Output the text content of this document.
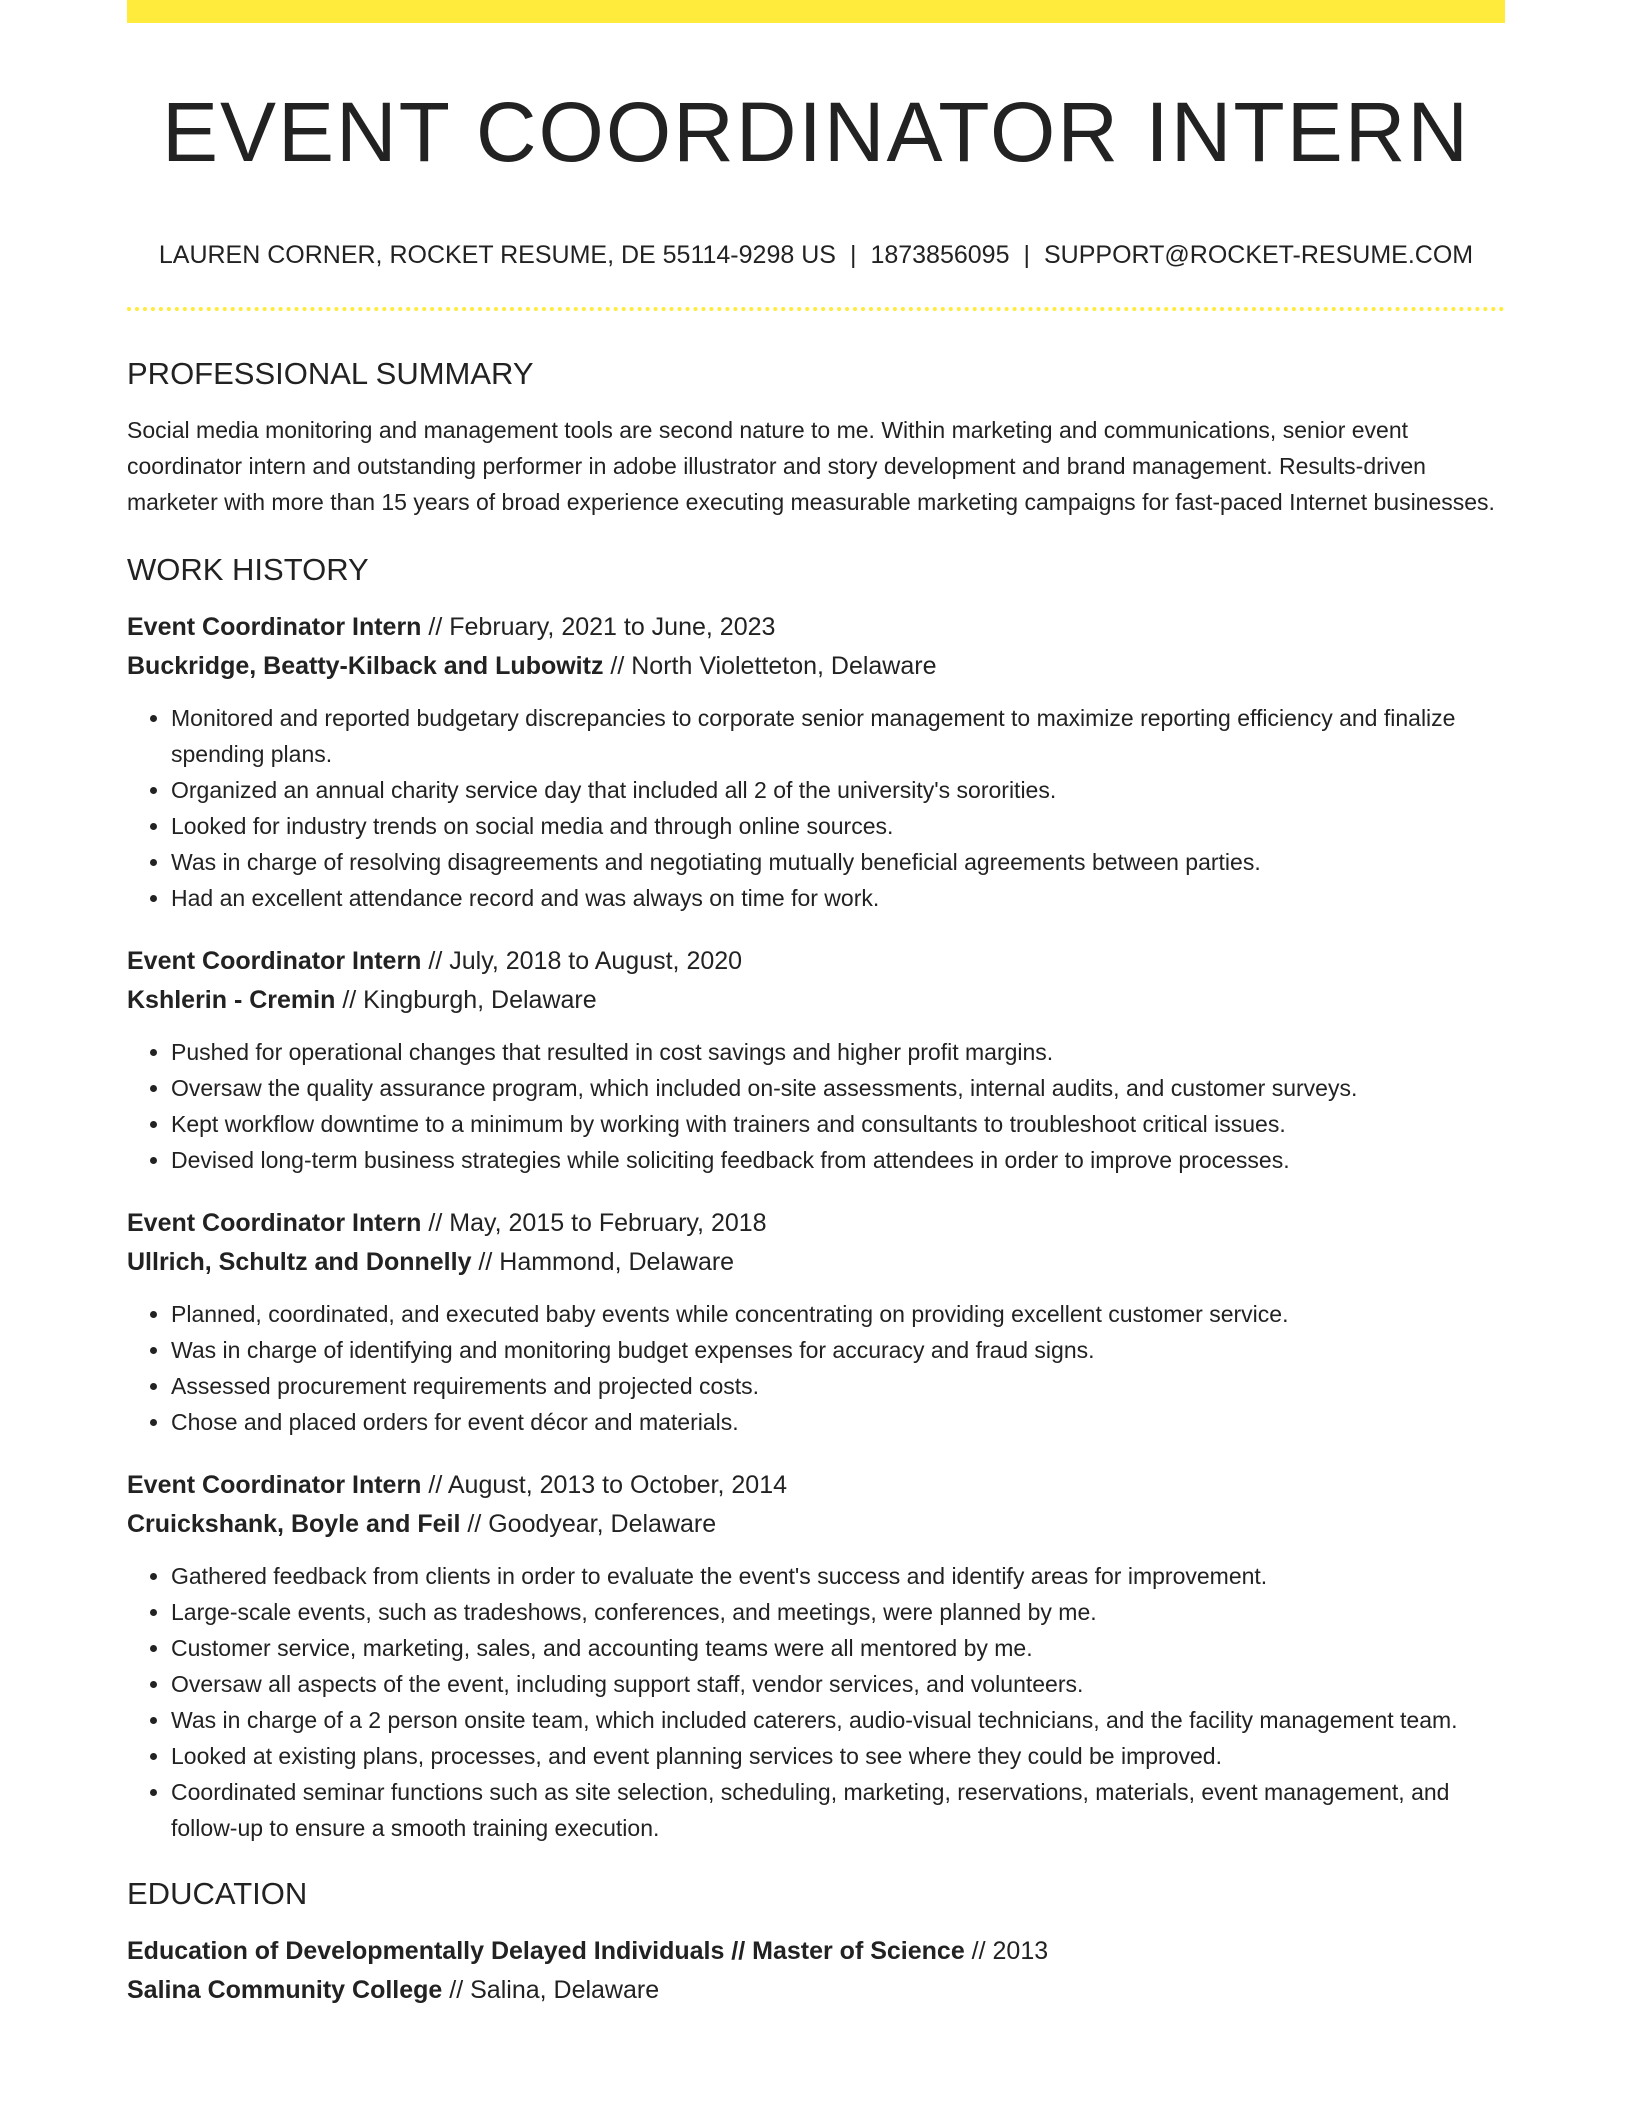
EVENT COORDINATOR INTERN
LAUREN CORNER, ROCKET RESUME, DE 55114-9298 US | 1873856095 | SUPPORT@ROCKET-RESUME.COM
PROFESSIONAL SUMMARY

Social media monitoring and management tools are second nature to me. Within marketing and communications, senior event coordinator intern and outstanding performer in adobe illustrator and story development and brand management. Results-driven marketer with more than 15 years of broad experience executing measurable marketing campaigns for fast-paced Internet businesses.

WORK HISTORY
Event Coordinator Intern // February, 2021 to June, 2023
Buckridge, Beatty-Kilback and Lubowitz // North Violetteton, Delaware
• Monitored and reported budgetary discrepancies to corporate senior management to maximize reporting efficiency and finalize spending plans.
• Organized an annual charity service day that included all 2 of the university's sororities.
• Looked for industry trends on social media and through online sources.
• Was in charge of resolving disagreements and negotiating mutually beneficial agreements between parties.
• Had an excellent attendance record and was always on time for work.
Event Coordinator Intern // July, 2018 to August, 2020
Kshlerin - Cremin // Kingburgh, Delaware
• Pushed for operational changes that resulted in cost savings and higher profit margins.
• Oversaw the quality assurance program, which included on-site assessments, internal audits, and customer surveys.
• Kept workflow downtime to a minimum by working with trainers and consultants to troubleshoot critical issues.
• Devised long-term business strategies while soliciting feedback from attendees in order to improve processes.
Event Coordinator Intern // May, 2015 to February, 2018
Ullrich, Schultz and Donnelly // Hammond, Delaware
• Planned, coordinated, and executed baby events while concentrating on providing excellent customer service.
• Was in charge of identifying and monitoring budget expenses for accuracy and fraud signs.
• Assessed procurement requirements and projected costs.
• Chose and placed orders for event décor and materials.
Event Coordinator Intern // August, 2013 to October, 2014
Cruickshank, Boyle and Feil // Goodyear, Delaware
• Gathered feedback from clients in order to evaluate the event's success and identify areas for improvement.
• Large-scale events, such as tradeshows, conferences, and meetings, were planned by me.
• Customer service, marketing, sales, and accounting teams were all mentored by me.
• Oversaw all aspects of the event, including support staff, vendor services, and volunteers.
• Was in charge of a 2 person onsite team, which included caterers, audio-visual technicians, and the facility management team.
• Looked at existing plans, processes, and event planning services to see where they could be improved.
• Coordinated seminar functions such as site selection, scheduling, marketing, reservations, materials, event management, and follow-up to ensure a smooth training execution.
EDUCATION
Education of Developmentally Delayed Individuals // Master of Science // 2013
Salina Community College // Salina, Delaware
